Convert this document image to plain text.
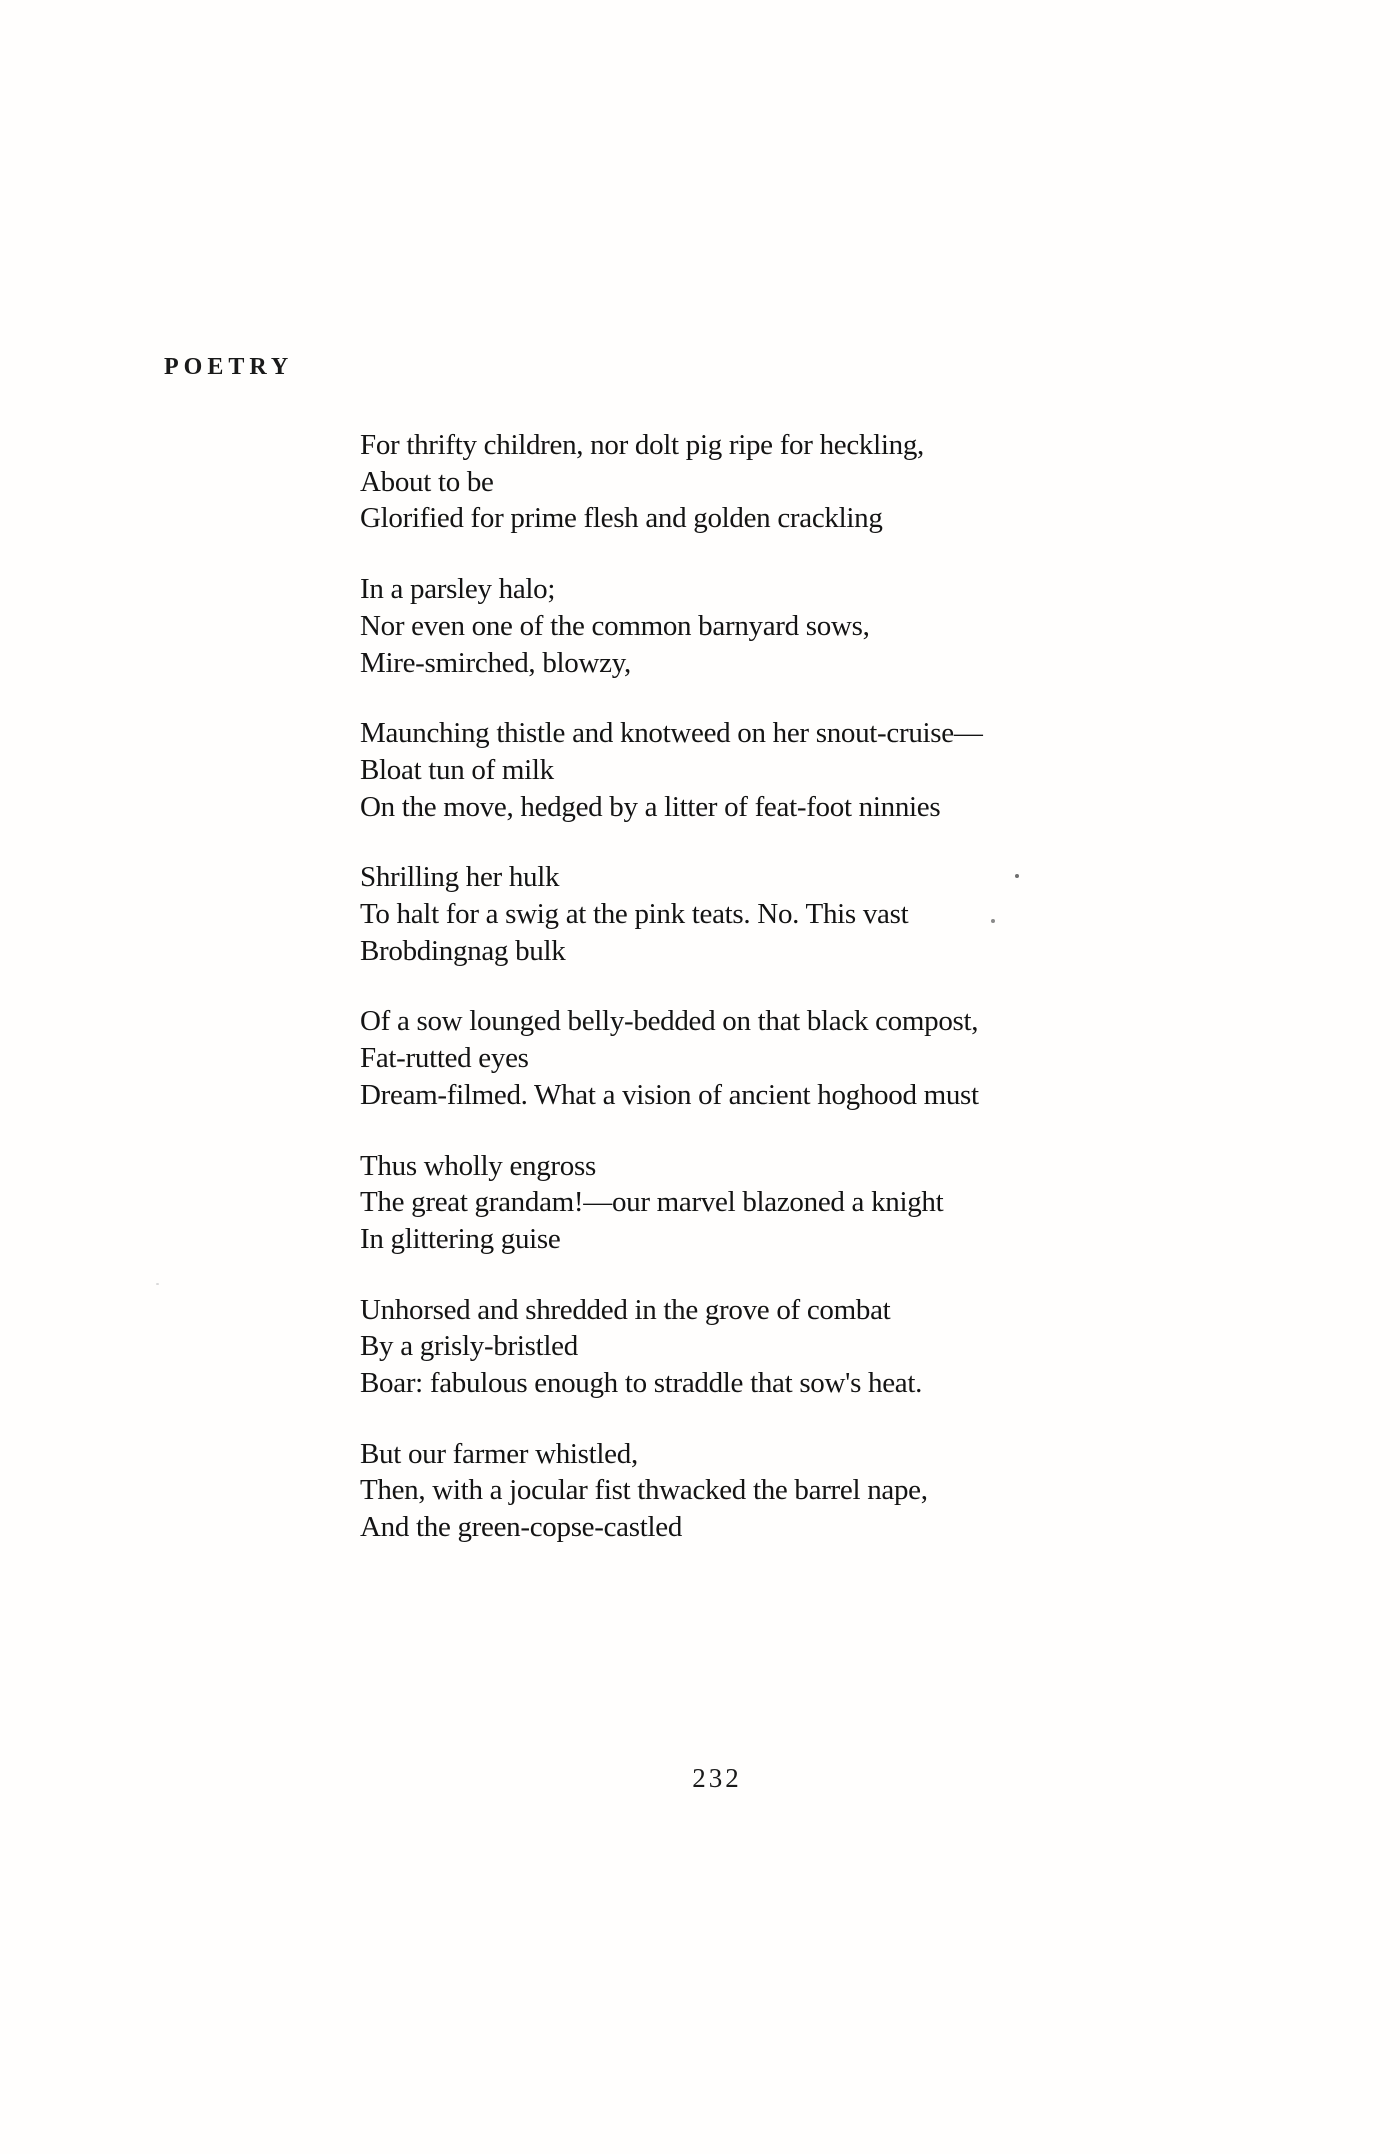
POETRY
For thrifty children, nor dolt pig ripe for heckling,
About to be
Glorified for prime flesh and golden crackling
In a parsley halo;
Nor even one of the common barnyard sows,
Mire-smirched, blowzy,
Maunching thistle and knotweed on her snout-cruise—
Bloat tun of milk
On the move, hedged by a litter of feat-foot ninnies
Shrilling her hulk
To halt for a swig at the pink teats. No. This vast
Brobdingnag bulk
Of a sow lounged belly-bedded on that black compost,
Fat-rutted eyes
Dream-filmed. What a vision of ancient hoghood must
Thus wholly engross
The great grandam!—our marvel blazoned a knight
In glittering guise
Unhorsed and shredded in the grove of combat
By a grisly-bristled
Boar: fabulous enough to straddle that sow's heat.
But our farmer whistled,
Then, with a jocular fist thwacked the barrel nape,
And the green-copse-castled
232
